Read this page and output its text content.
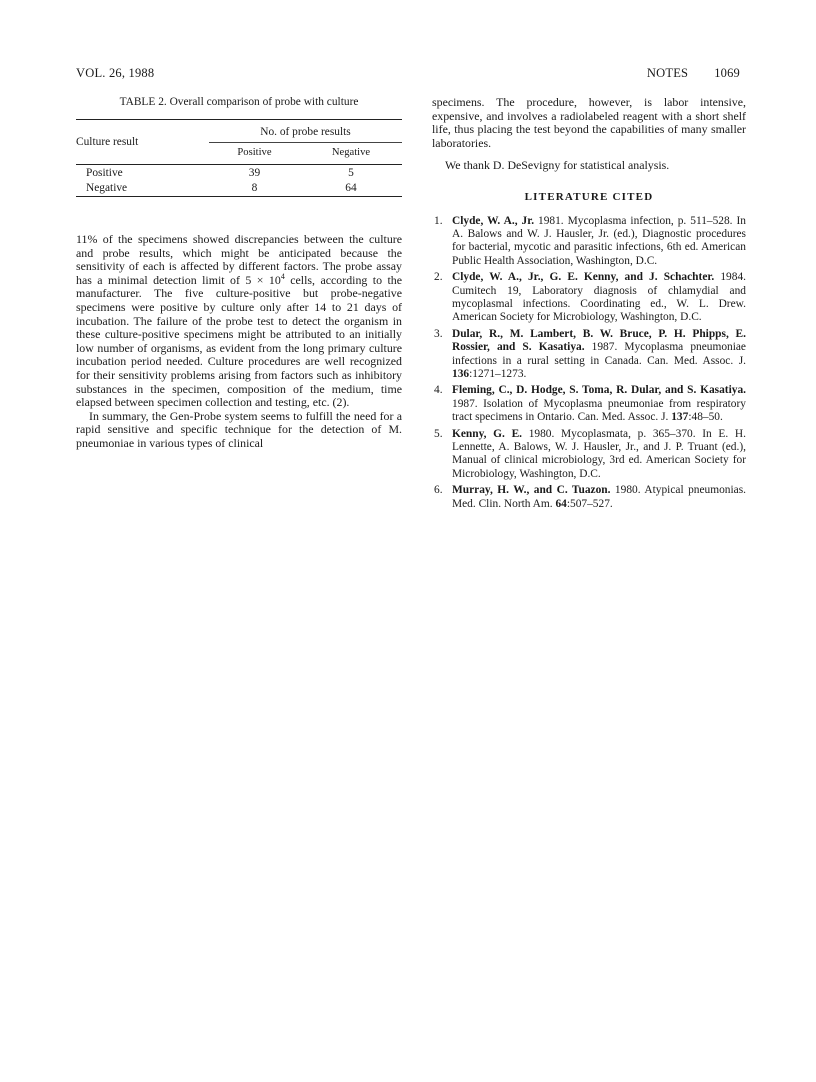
VOL. 26, 1988	NOTES 1069
TABLE 2. Overall comparison of probe with culture
Culture result	No. of probe results	
	Positive	Negative

Positive	39	5
Negative	8	64

11% of the specimens showed discrepancies between the culture and probe results, which might be anticipated because the sensitivity of each is affected by different factors. The probe assay has a minimal detection limit of $5 \times 10^4$ cells, according to the manufacturer. The five culture-positive but probe-negative specimens were positive by culture only after 14 to 21 days of incubation. The failure of the probe test to detect the organism in these culture-positive specimens might be attributed to an initially low number of organisms, as evident from the long primary culture incubation period needed. Culture procedures are well recognized for their sensitivity problems arising from factors such as inhibitory substances in the specimen, composition of the medium, time elapsed between specimen collection and testing, etc. (2).

In summary, the Gen-Probe system seems to fulfill the need for a rapid sensitive and specific technique for the detection of M. pneumoniae in various types of clinical

specimens. The procedure, however, is labor intensive, expensive, and involves a radiolabeled reagent with a short shelf life, thus placing the test beyond the capabilities of many smaller laboratories.

We thank D. DeSevigny for statistical analysis.

LITERATURE CITED
1. Clyde, W. A., Jr. 1981. Mycoplasma infection, p. 511–528. In A. Balows and W. J. Hausler, Jr. (ed.), Diagnostic procedures for bacterial, mycotic and parasitic infections, 6th ed. American Public Health Association, Washington, D.C.
2. Clyde, W. A., Jr., G. E. Kenny, and J. Schachter. 1984. Cumitech 19, Laboratory diagnosis of chlamydial and mycoplasmal infections. Coordinating ed., W. L. Drew. American Society for Microbiology, Washington, D.C.
3. Dular, R., M. Lambert, B. W. Bruce, P. H. Phipps, E. Rossier, and S. Kasatiya. 1987. Mycoplasma pneumoniae infections in a rural setting in Canada. Can. Med. Assoc. J. 136:1271–1273.
4. Fleming, C., D. Hodge, S. Toma, R. Dular, and S. Kasatiya. 1987. Isolation of Mycoplasma pneumoniae from respiratory tract specimens in Ontario. Can. Med. Assoc. J. 137:48–50.
5. Kenny, G. E. 1980. Mycoplasmata, p. 365–370. In E. H. Lennette, A. Balows, W. J. Hausler, Jr., and J. P. Truant (ed.), Manual of clinical microbiology, 3rd ed. American Society for Microbiology, Washington, D.C.
6. Murray, H. W., and C. Tuazon. 1980. Atypical pneumonias. Med. Clin. North Am. 64:507–527.
